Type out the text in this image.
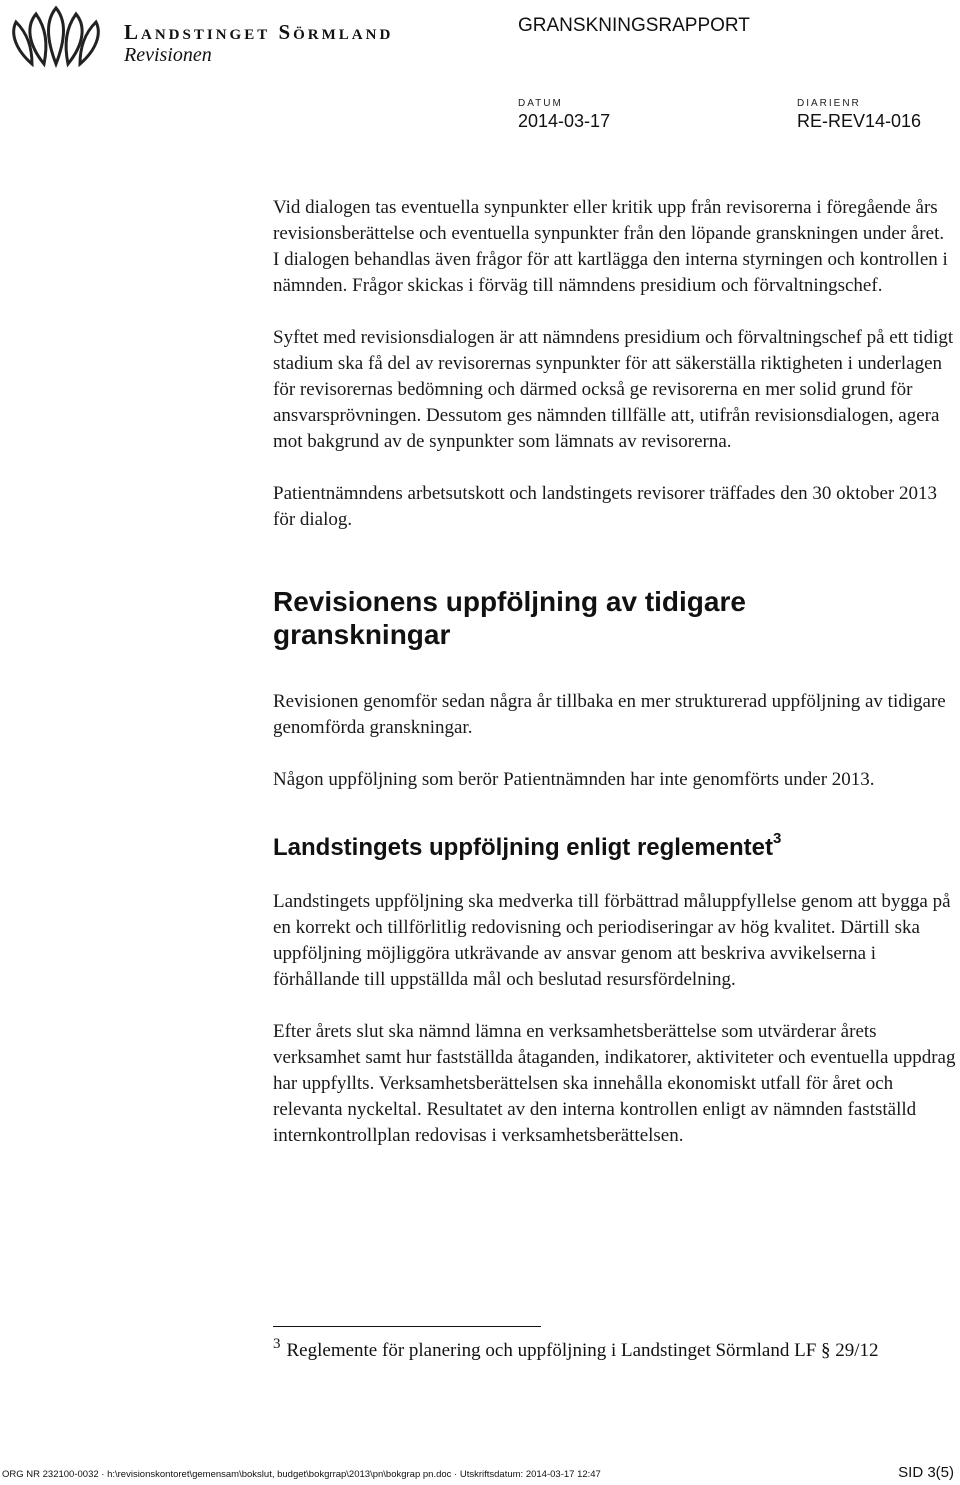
Landstinget Sörmland

Revisionen

GRANSKNINGSRAPPORT

DATUM

2014-03-17

DIARIENR

RE-REV14-016

Vid dialogen tas eventuella synpunkter eller kritik upp från revisorerna i föregående års revisionsberättelse och eventuella synpunkter från den löpande granskningen under året. I dialogen behandlas även frågor för att kartlägga den interna styrningen och kontrollen i nämnden. Frågor skickas i förväg till nämndens presidium och förvaltningschef.

Syftet med revisionsdialogen är att nämndens presidium och förvaltningschef på ett tidigt stadium ska få del av revisorernas synpunkter för att säkerställa riktigheten i underlagen för revisorernas bedömning och därmed också ge revisorerna en mer solid grund för ansvarsprövningen. Dessutom ges nämnden tillfälle att, utifrån revisionsdialogen, agera mot bakgrund av de synpunkter som lämnats av revisorerna.

Patientnämndens arbetsutskott och landstingets revisorer träffades den 30 oktober 2013 för dialog.

Revisionens uppföljning av tidigare granskningar

Revisionen genomför sedan några år tillbaka en mer strukturerad uppföljning av tidigare genomförda granskningar.

Någon uppföljning som berör Patientnämnden har inte genomförts under 2013.

Landstingets uppföljning enligt reglementet$^3$

Landstingets uppföljning ska medverka till förbättrad måluppfyllelse genom att bygga på en korrekt och tillförlitlig redovisning och periodiseringar av hög kvalitet. Därtill ska uppföljning möjliggöra utkrävande av ansvar genom att beskriva avvikelserna i förhållande till uppställda mål och beslutad resursfördelning.

Efter årets slut ska nämnd lämna en verksamhetsberättelse som utvärderar årets verksamhet samt hur fastställda åtaganden, indikatorer, aktiviteter och eventuella uppdrag har uppfyllts. Verksamhetsberättelsen ska innehålla ekonomiskt utfall för året och relevanta nyckeltal. Resultatet av den interna kontrollen enligt av nämnden fastställd internkontrollplan redovisas i verksamhetsberättelsen.

$^3$ Reglemente för planering och uppföljning i Landstinget Sörmland LF § 29/12

ORG NR 232100-0032 · h:\revisionskontoret\gemensam\bokslut, budget\bokgrrap\2013\pn\bokgrap pn.doc · Utskriftsdatum: 2014-03-17 12:47	SID 3(5)
